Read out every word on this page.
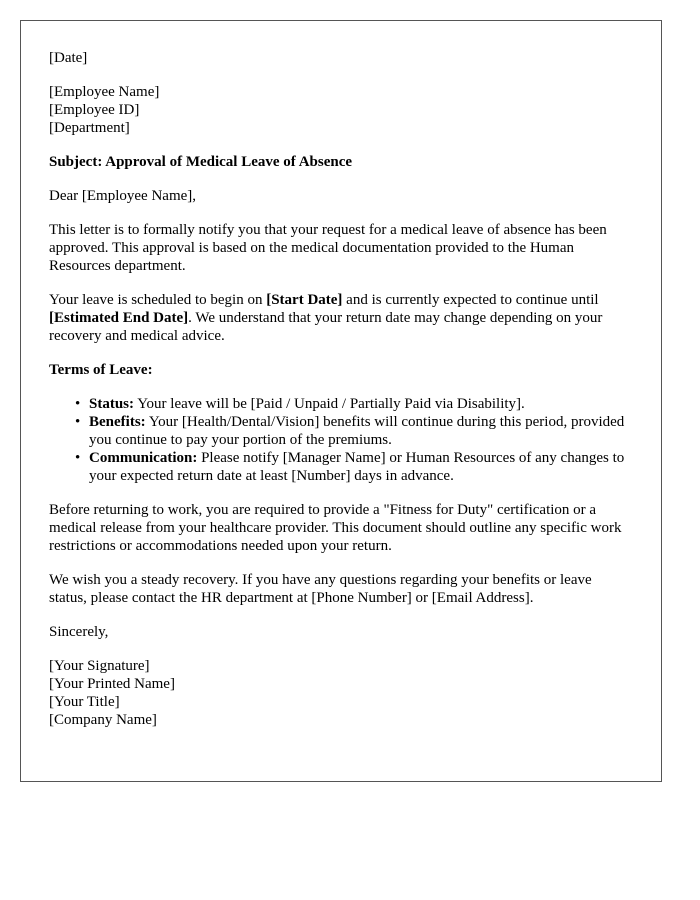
[Date]

[Employee Name]
[Employee ID]
[Department]

Subject: Approval of Medical Leave of Absence

Dear [Employee Name],

This letter is to formally notify you that your request for a medical leave of absence has been approved. This approval is based on the medical documentation provided to the Human Resources department.

Your leave is scheduled to begin on [Start Date] and is currently expected to continue until [Estimated End Date]. We understand that your return date may change depending on your recovery and medical advice.

Terms of Leave:

• Status: Your leave will be [Paid / Unpaid / Partially Paid via Disability].
• Benefits: Your [Health/Dental/Vision] benefits will continue during this period, provided you continue to pay your portion of the premiums.
• Communication: Please notify [Manager Name] or Human Resources of any changes to your expected return date at least [Number] days in advance.

Before returning to work, you are required to provide a "Fitness for Duty" certification or a medical release from your healthcare provider. This document should outline any specific work restrictions or accommodations needed upon your return.

We wish you a steady recovery. If you have any questions regarding your benefits or leave status, please contact the HR department at [Phone Number] or [Email Address].

Sincerely,

[Your Signature]
[Your Printed Name]
[Your Title]
[Company Name]
